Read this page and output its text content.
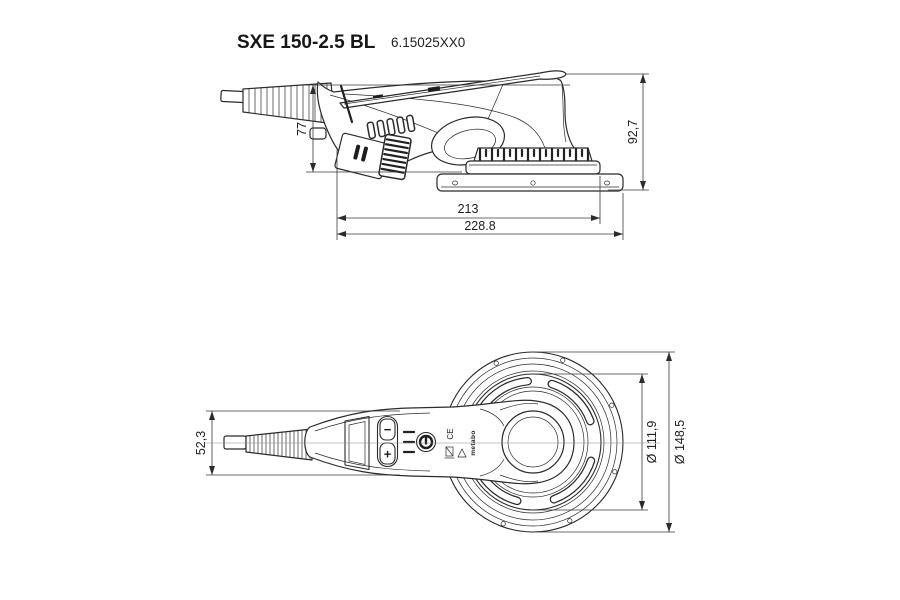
SXE 150-2.5 BL 6.15025XX0
77	92,7
213
228.8
−
+
CE metabo
52,3	Ø 111,9 Ø 148,5
